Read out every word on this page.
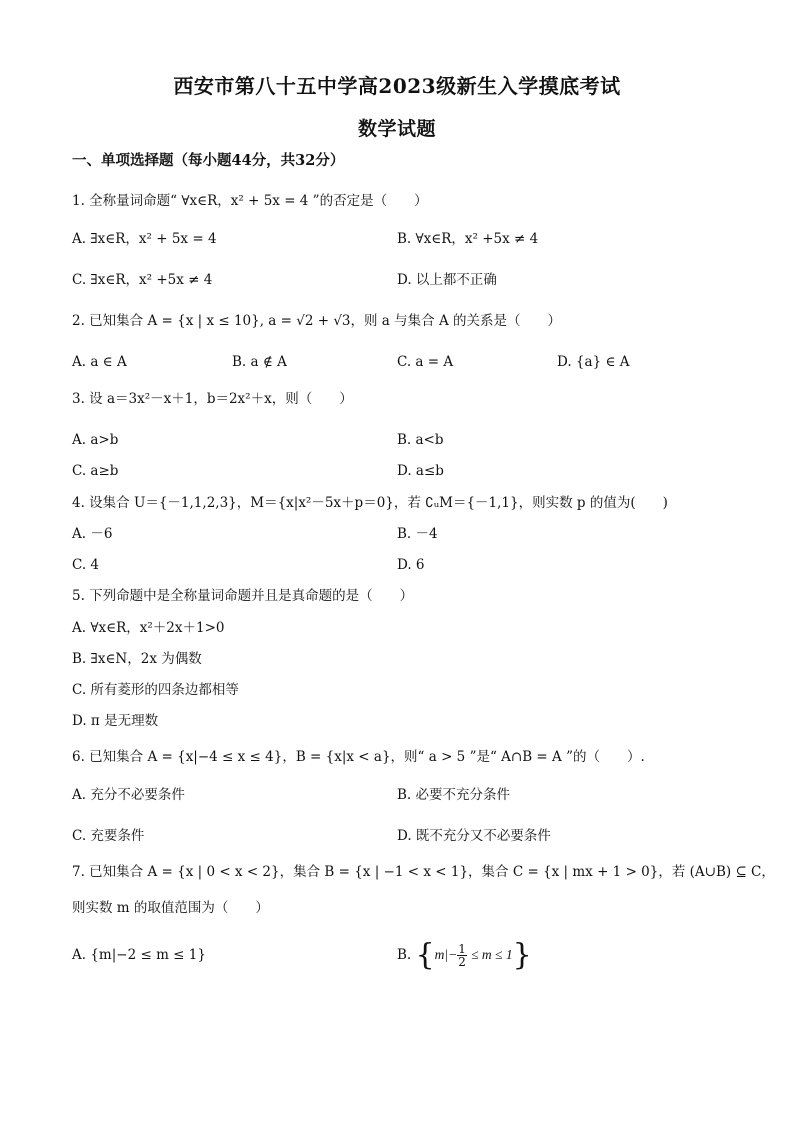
西安市第八十五中学高2023级新生入学摸底考试
数学试题
一、单项选择题（每小题44分，共32分）
1. 全称量词命题“ ∀x∈R，x² + 5x = 4 ”的否定是（　　）
A. ∃x∈R，x² + 5x = 4	B. ∀x∈R，x² +5x ≠ 4
C. ∃x∈R，x² +5x ≠ 4	D. 以上都不正确
2. 已知集合 A = {x | x ≤ 10}, a = √2 + √3，则 a 与集合 A 的关系是（　　）
A. a ∈ A	B. a ∉ A	C. a = A	D. {a} ∈ A
3. 设 a＝3x²－x＋1，b＝2x²＋x，则（　　）
A. a>b	B. a<b
C. a≥b	D. a≤b
4. 设集合 U＝{－1,1,2,3}，M＝{x|x²－5x＋p＝0}，若 ∁ᵤM＝{－1,1}，则实数 p 的值为(　　)
A. －6	B. －4
C. 4	D. 6
5. 下列命题中是全称量词命题并且是真命题的是（　　）
A. ∀x∈R，x²＋2x＋1>0
B. ∃x∈N，2x 为偶数
C. 所有菱形的四条边都相等
D. π 是无理数
6. 已知集合 A = {x|−4 ≤ x ≤ 4}，B = {x|x < a}，则“ a > 5 ”是“ A∩B = A ”的（　　）.
A. 充分不必要条件	B. 必要不充分条件
C. 充要条件	D. 既不充分又不必要条件
7. 已知集合 A = {x | 0 < x < 2}，集合 B = {x | −1 < x < 1}，集合 C = {x | mx + 1 > 0}，若 (A∪B) ⊆ C，
则实数 m 的取值范围为（　　）
A. {m|−2 ≤ m ≤ 1}	B. $\{m|- \frac{1}{2} \le m \le 1\}$
